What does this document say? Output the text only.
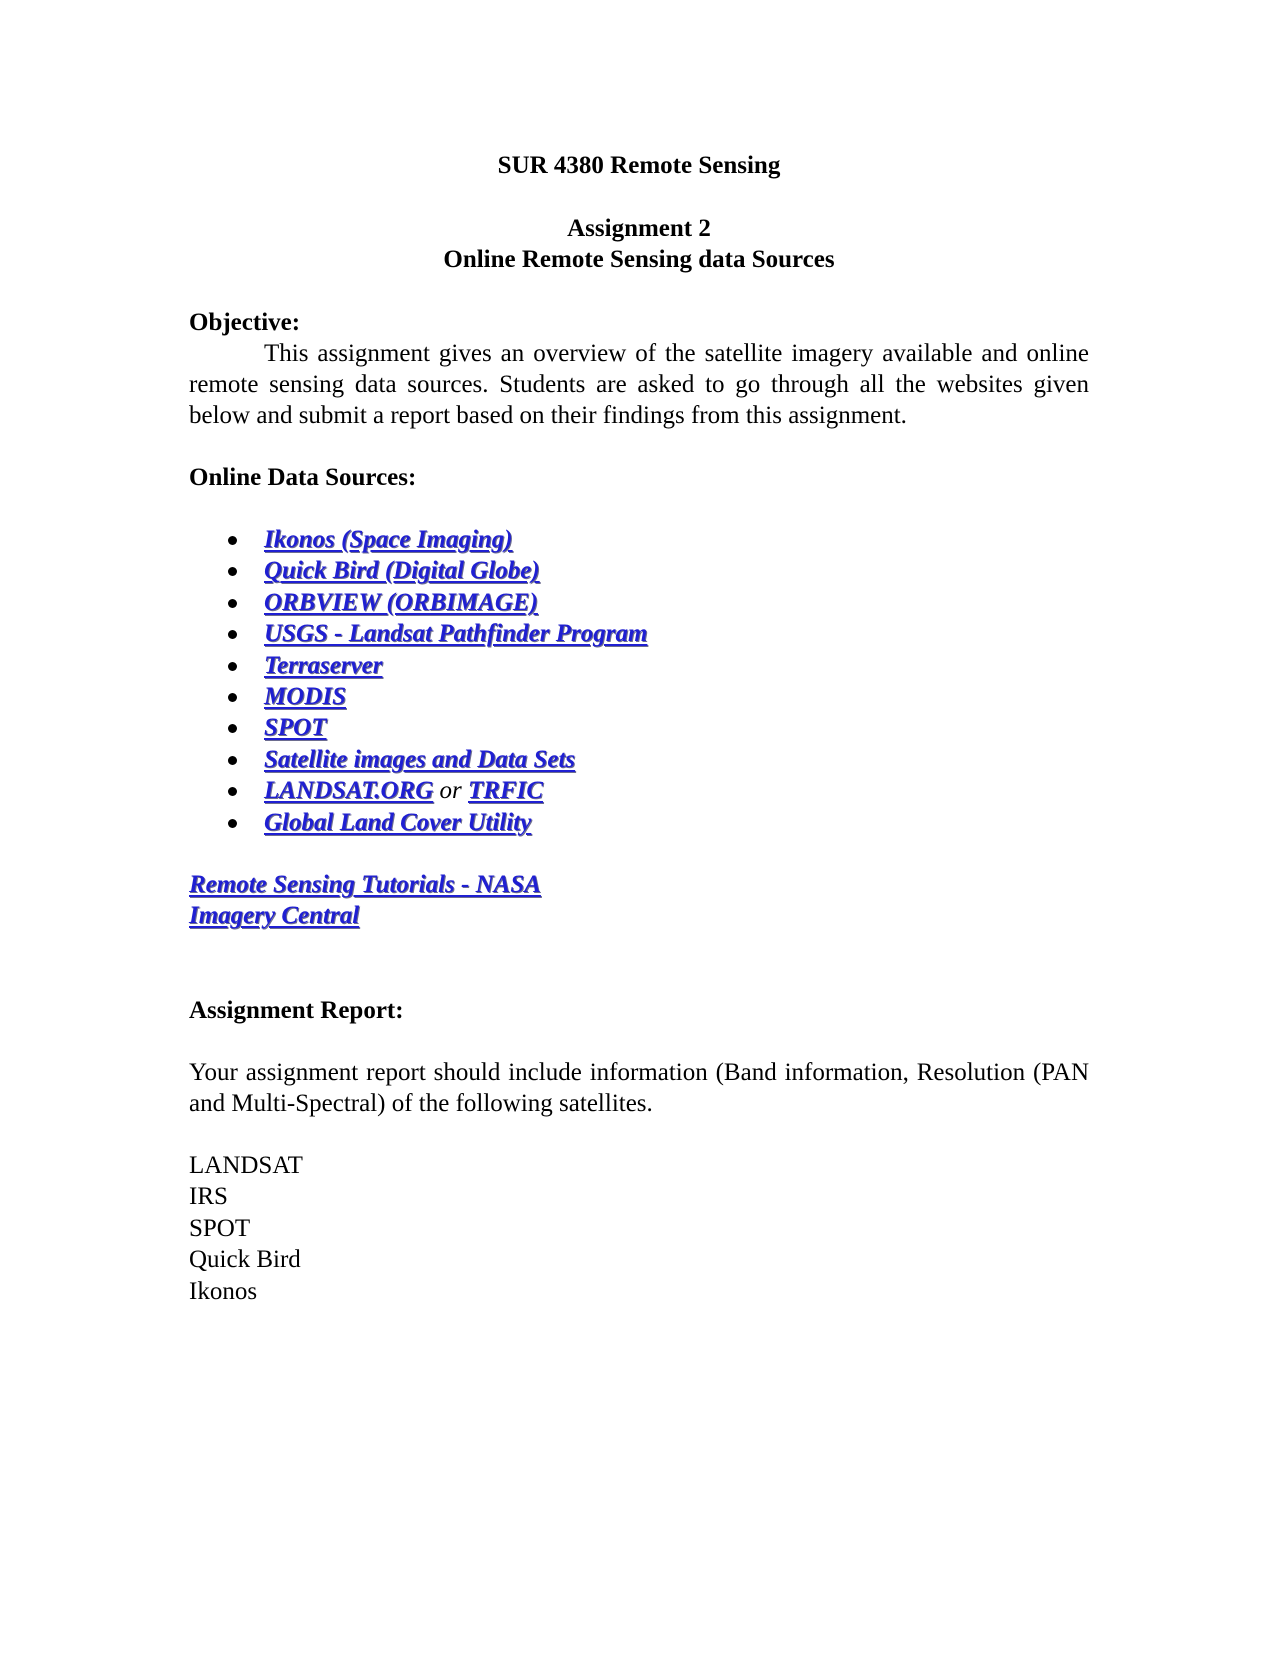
SUR 4380 Remote Sensing
Assignment 2
Online Remote Sensing data Sources
Objective:

This assignment gives an overview of the satellite imagery available and online remote sensing data sources. Students are asked to go through all the websites given below and submit a report based on their findings from this assignment.

Online Data Sources:
Ikonos (Space Imaging)
Quick Bird (Digital Globe)
ORBVIEW (ORBIMAGE)
USGS - Landsat Pathfinder Program
Terraserver
MODIS
SPOT
Satellite images and Data Sets
LANDSAT.ORG or TRFIC
Global Land Cover Utility
Remote Sensing Tutorials - NASA
Imagery Central
Assignment Report:

Your assignment report should include information (Band information, Resolution (PAN and Multi-Spectral) of the following satellites.

LANDSAT
IRS
SPOT
Quick Bird
Ikonos
